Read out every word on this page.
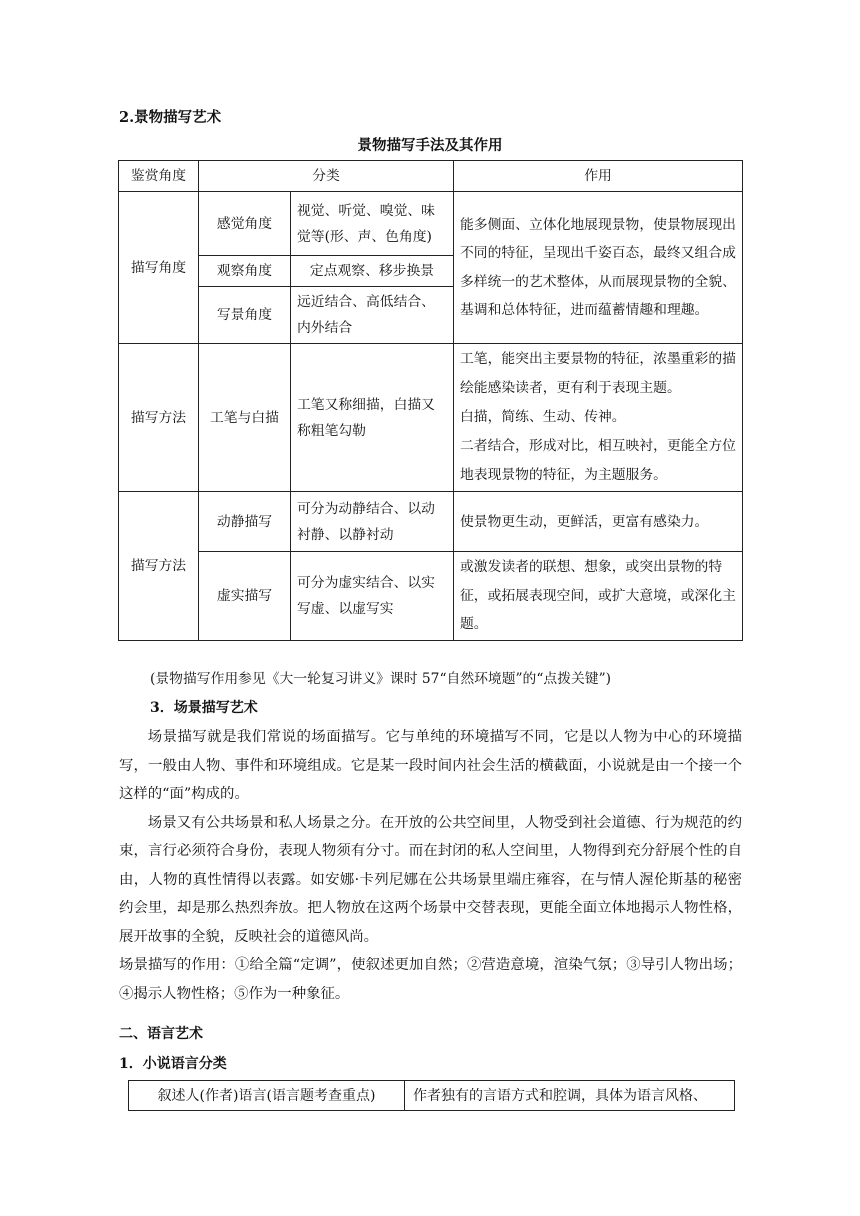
2.景物描写艺术
景物描写手法及其作用
鉴赏角度	分类		作用
描写角度	感觉角度	视觉、听觉、嗅觉、味觉等(形、声、色角度)	能多侧面、立体化地展现景物，使景物展现出不同的特征，呈现出千姿百态，最终又组合成多样统一的艺术整体，从而展现景物的全貌、基调和总体特征，进而蕴蓄情趣和理趣。
	观察角度	定点观察、移步换景	
	写景角度	远近结合、高低结合、内外结合	
描写方法	工笔与白描	工笔又称细描，白描又称粗笔勾勒	工笔，能突出主要景物的特征，浓墨重彩的描绘能感染读者，更有利于表现主题。
白描，简练、生动、传神。
二者结合，形成对比，相互映衬，更能全方位地表现景物的特征，为主题服务。

描写方法	动静描写	可分为动静结合、以动衬静、以静衬动	使景物更生动，更鲜活，更富有感染力。
	虚实描写	可分为虚实结合、以实写虚、以虚写实	或激发读者的联想、想象，或突出景物的特征，或拓展表现空间，或扩大意境，或深化主题。
(景物描写作用参见《大一轮复习讲义》课时 57“自然环境题”的“点拨关键”)
3．场景描写艺术

场景描写就是我们常说的场面描写。它与单纯的环境描写不同，它是以人物为中心的环境描写，一般由人物、事件和环境组成。它是某一段时间内社会生活的横截面，小说就是由一个接一个这样的“面”构成的。

场景又有公共场景和私人场景之分。在开放的公共空间里，人物受到社会道德、行为规范的约束，言行必须符合身份，表现人物须有分寸。而在封闭的私人空间里，人物得到充分舒展个性的自由，人物的真性情得以表露。如安娜·卡列尼娜在公共场景里端庄雍容，在与情人渥伦斯基的秘密约会里，却是那么热烈奔放。把人物放在这两个场景中交替表现，更能全面立体地揭示人物性格，展开故事的全貌，反映社会的道德风尚。

场景描写的作用：①给全篇“定调”，使叙述更加自然；②营造意境，渲染气氛；③导引人物出场；④揭示人物性格；⑤作为一种象征。

二、语言艺术
1．小说语言分类
叙述人(作者)语言(语言题考查重点)	作者独有的言语方式和腔调，具体为语言风格、
